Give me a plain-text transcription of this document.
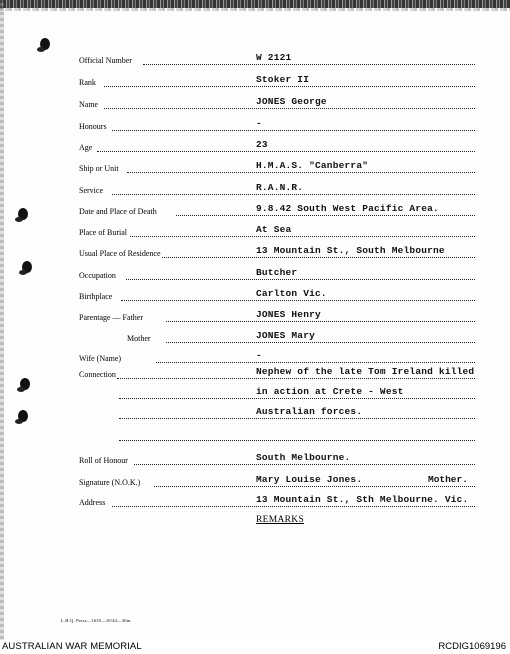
Official Number	W 2121
Rank	Stoker II
Name	JONES George
Honours	-
Age	23
Ship or Unit	H.M.A.S. "Canberra"
Service	R.A.N.R.
Date and Place of Death	9.8.42 South West Pacific Area.
Place of Burial	At Sea
Usual Place of Residence	13 Mountain St., South Melbourne
Occupation	Butcher
Birthplace	Carlton Vic.
Parentage — Father	JONES Henry
Mother	JONES Mary
Wife (Name)	-
Connection	Nephew of the late Tom Ireland killed
in action at Crete - West
Australian forces.
Roll of Honour	South Melbourne.
Signature (N.O.K.)	Mary Louise Jones.	Mother.
Address	13 Mountain St., Sth Melbourne. Vic.
REMARKS
L.H.Q. Press—1635—10/44—30m.
AUSTRALIAN WAR MEMORIAL	RCDIG1069196
